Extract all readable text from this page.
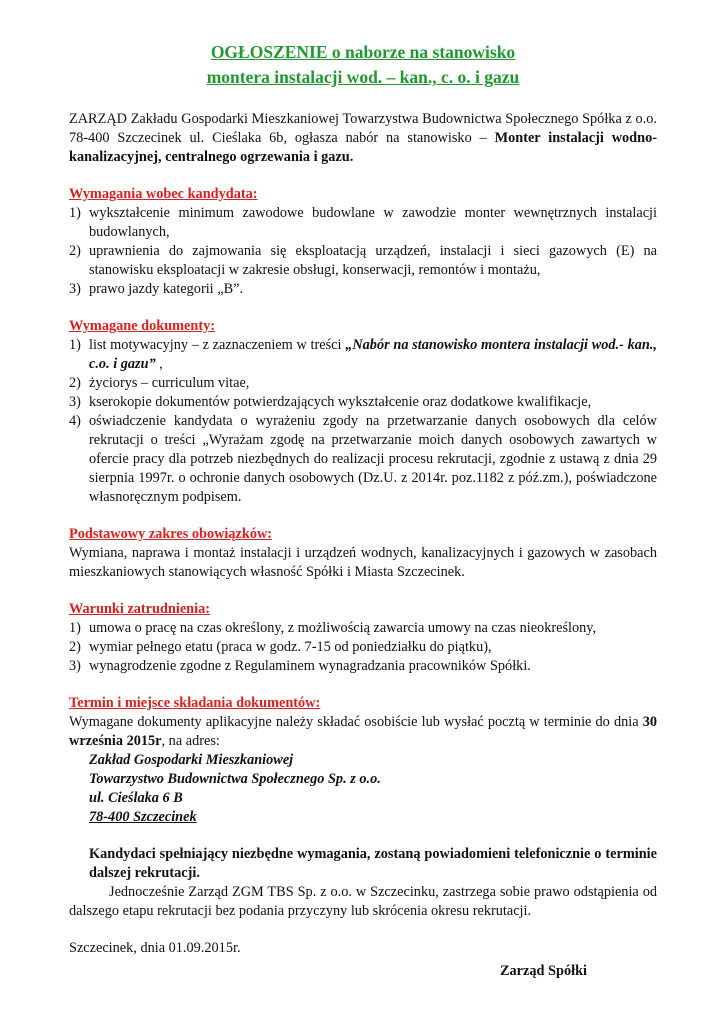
OGŁOSZENIE o naborze na stanowisko
montera instalacji wod. – kan., c. o. i gazu
ZARZĄD Zakładu Gospodarki Mieszkaniowej Towarzystwa Budownictwa Społecznego Spółka z o.o. 78-400 Szczecinek ul. Cieślaka 6b, ogłasza nabór na stanowisko – Monter instalacji wodno-kanalizacyjnej, centralnego ogrzewania i gazu.
Wymagania wobec kandydata:
1) wykształcenie minimum zawodowe budowlane w zawodzie monter wewnętrznych instalacji budowlanych,
2) uprawnienia do zajmowania się eksploatacją urządzeń, instalacji i sieci gazowych (E) na stanowisku eksploatacji w zakresie obsługi, konserwacji, remontów i montażu,
3) prawo jazdy kategorii „B”.
Wymagane dokumenty:
1) list motywacyjny – z zaznaczeniem w treści „Nabór na stanowisko montera instalacji wod.- kan., c.o. i gazu” ,
2) życiorys – curriculum vitae,
3) kserokopie dokumentów potwierdzających wykształcenie oraz dodatkowe kwalifikacje,
4) oświadczenie kandydata o wyrażeniu zgody na przetwarzanie danych osobowych dla celów rekrutacji o treści „Wyrażam zgodę na przetwarzanie moich danych osobowych zawartych w ofercie pracy dla potrzeb niezbędnych do realizacji procesu rekrutacji, zgodnie z ustawą z dnia 29 sierpnia 1997r. o ochronie danych osobowych (Dz.U. z 2014r. poz.1182 z póź.zm.), poświadczone własnoręcznym podpisem.
Podstawowy zakres obowiązków:
Wymiana, naprawa i montaż instalacji i urządzeń wodnych, kanalizacyjnych i gazowych w zasobach mieszkaniowych stanowiących własność Spółki i Miasta Szczecinek.
Warunki zatrudnienia:
1) umowa o pracę na czas określony, z możliwością zawarcia umowy na czas nieokreślony,
2) wymiar pełnego etatu (praca w godz. 7-15 od poniedziałku do piątku),
3) wynagrodzenie zgodne z Regulaminem wynagradzania pracowników Spółki.
Termin i miejsce składania dokumentów:
Wymagane dokumenty aplikacyjne należy składać osobiście lub wysłać pocztą w terminie do dnia 30 września 2015r, na adres:
Zakład Gospodarki Mieszkaniowej
Towarzystwo Budownictwa Społecznego Sp. z o.o.
ul. Cieślaka 6 B
78-400 Szczecinek
Kandydaci spełniający niezbędne wymagania, zostaną powiadomieni telefonicznie o terminie dalszej rekrutacji.
Jednocześnie Zarząd ZGM TBS Sp. z o.o. w Szczecinku, zastrzega sobie prawo odstąpienia od dalszego etapu rekrutacji bez podania przyczyny lub skrócenia okresu rekrutacji.
Szczecinek, dnia 01.09.2015r.
Zarząd Spółki
